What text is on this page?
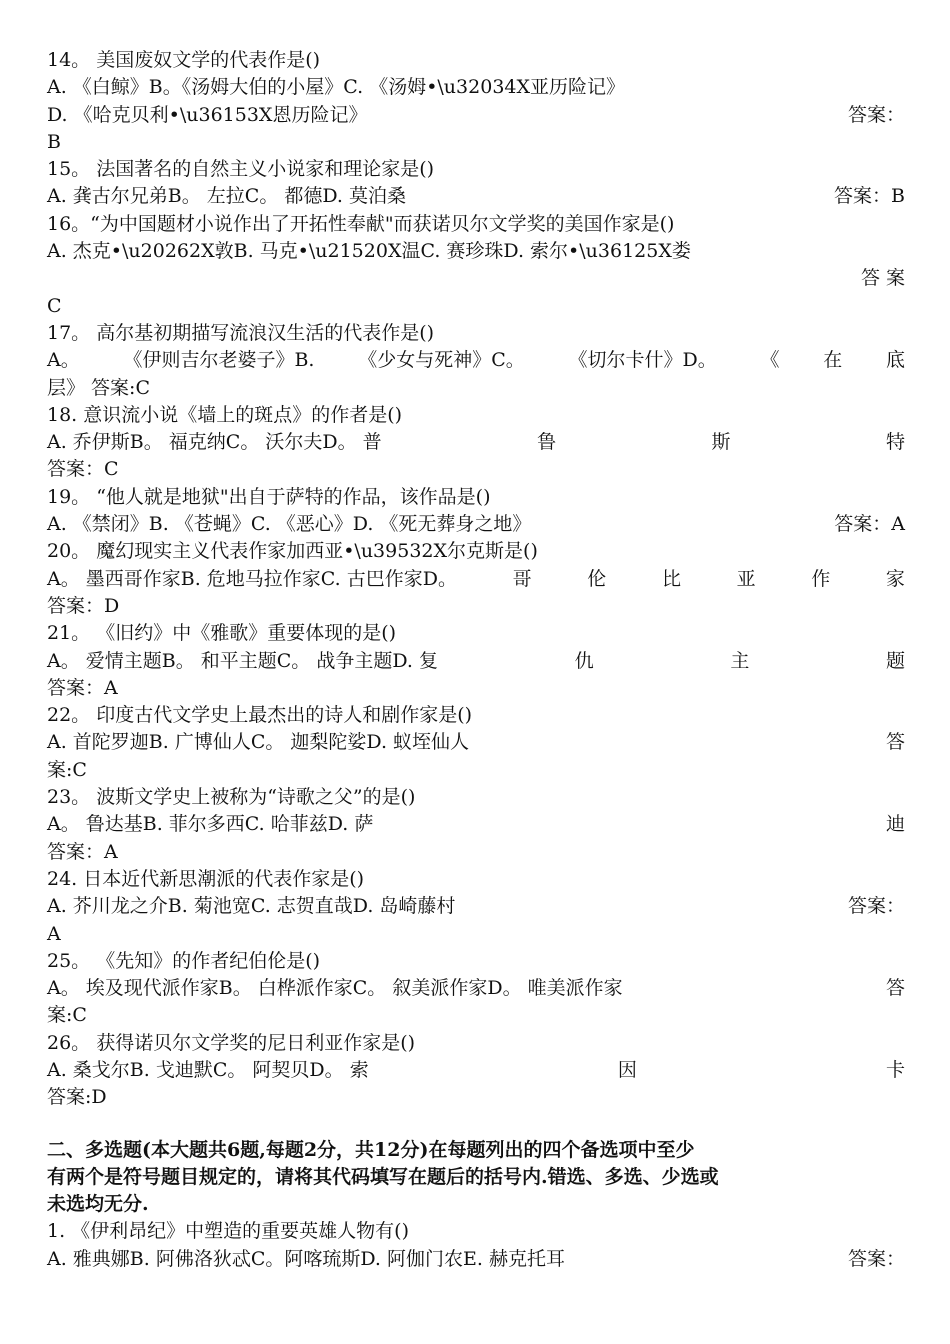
14。 美国废奴文学的代表作是()
A. 《白鲸》B。《汤姆大伯的小屋》C. 《汤姆•\u32034X亚历险记》
D. 《哈克贝利•\u36153X恩历险记》	答案：
B
15。 法国著名的自然主义小说家和理论家是()
A. 龚古尔兄弟B。 左拉C。 都德D. 莫泊桑	答案：B
16。“为中国题材小说作出了开拓性奉献"而获诺贝尔文学奖的美国作家是()
A. 杰克•\u20262X敦B. 马克•\u21520X温C. 赛珍珠D. 索尔•\u36125X娄
答 案
C
17。 高尔基初期描写流浪汉生活的代表作是()
A。 《伊则吉尔老婆子》B. 《少女与死神》C。 《切尔卡什》D。 《 在 底
层》 答案:C
18. 意识流小说《墙上的斑点》的作者是()
A. 乔伊斯B。 福克纳C。 沃尔夫D。 普	鲁	斯	特
答案：C
19。 “他人就是地狱"出自于萨特的作品，该作品是()
A. 《禁闭》B. 《苍蝇》C. 《恶心》D. 《死无葬身之地》	答案：A
20。 魔幻现实主义代表作家加西亚•\u39532X尔克斯是()
A。 墨西哥作家B. 危地马拉作家C. 古巴作家D。	哥	伦	比	亚	作	家
答案：D
21。 《旧约》中《雅歌》重要体现的是()
A。 爱情主题B。 和平主题C。 战争主题D. 复	仇	主	题
答案：A
22。 印度古代文学史上最杰出的诗人和剧作家是()
A. 首陀罗迦B. 广博仙人C。 迦梨陀娑D. 蚁垤仙人	答
案:C
23。 波斯文学史上被称为“诗歌之父”的是()
A。 鲁达基B. 菲尔多西C. 哈菲兹D. 萨	迪
答案：A
24. 日本近代新思潮派的代表作家是()
A. 芥川龙之介B. 菊池宽C. 志贺直哉D. 岛崎藤村	答案：
A
25。 《先知》的作者纪伯伦是()
A。 埃及现代派作家B。 白桦派作家C。 叙美派作家D。 唯美派作家	答
案:C
26。 获得诺贝尔文学奖的尼日利亚作家是()
A. 桑戈尔B. 戈迪默C。 阿契贝D。 索	因	卡
答案:D
二、多选题(本大题共6题,每题2分，共12分)在每题列出的四个备选项中至少
有两个是符号题目规定的，请将其代码填写在题后的括号内.错选、多选、少选或
未选均无分.
1. 《伊利昂纪》中塑造的重要英雄人物有()
A. 雅典娜B. 阿佛洛狄忒C。阿喀琉斯D. 阿伽门农E. 赫克托耳	答案：
